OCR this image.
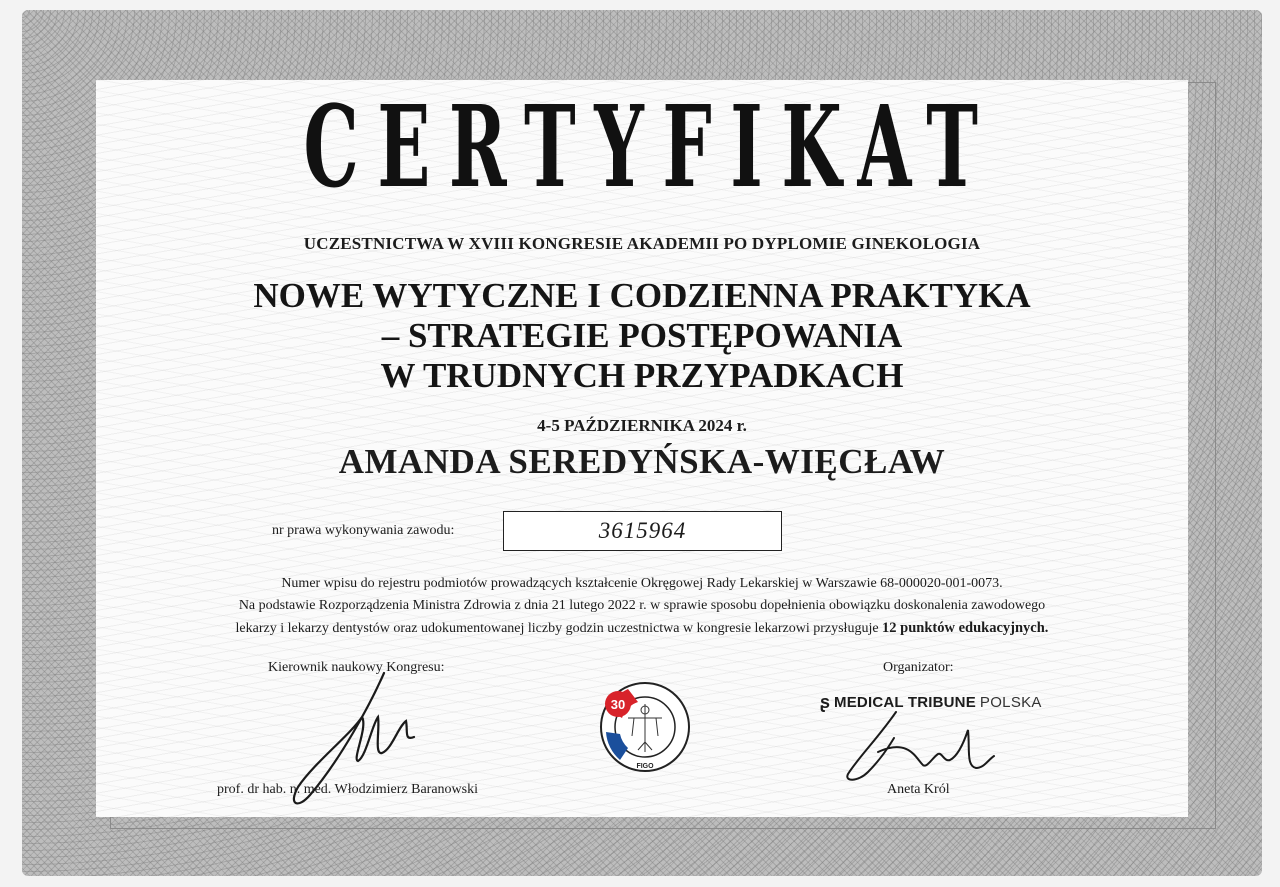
CERTYFIKAT
UCZESTNICTWA W XVIII KONGRESIE AKADEMII PO DYPLOMIE GINEKOLOGIA
NOWE WYTYCZNE I CODZIENNA PRAKTYKA
– STRATEGIE POSTĘPOWANIA
W TRUDNYCH PRZYPADKACH
4-5 PAŹDZIERNIKA 2024 r.
AMANDA SEREDYŃSKA-WIĘCŁAW
nr prawa wykonywania zawodu:	3615964
Numer wpisu do rejestru podmiotów prowadzących kształcenie Okręgowej Rady Lekarskiej w Warszawie 68-000020-001-0073.
Na podstawie Rozporządzenia Ministra Zdrowia z dnia 21 lutego 2022 r. w sprawie sposobu dopełnienia obowiązku doskonalenia zawodowego
lekarzy i lekarzy dentystów oraz udokumentowanej liczby godzin uczestnictwa w kongresie lekarzowi przysługuje 12 punktów edukacyjnych.
Kierownik naukowy Kongresu:	Organizator:
30
FIGO
ʂ MEDICAL TRIBUNE POLSKA
prof. dr hab. n. med. Włodzimierz Baranowski	Aneta Król
